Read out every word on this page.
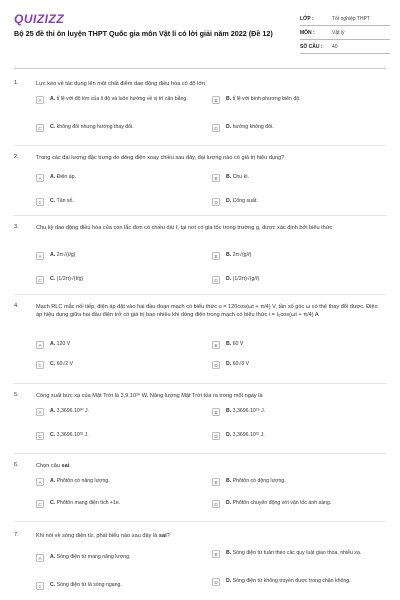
QUIZIZZ
Bộ 25 đề thi ôn luyện THPT Quốc gia môn Vật lí có lời giải năm 2022 (Đề 12)
LỚP :	Tốt nghiệp THPT
MÔN :	Vật lý
SỐ CÂU :	40
1.	Lực kéo về tác dụng lên một chất điểm dao động điều hòa có độ lớn
A	A. tỉ lệ với độ lớn của li độ và luôn hướng về vị trí cân bằng.	B	B. tỉ lệ với bình phương biên độ.
C	C. không đổi nhưng hướng thay đổi.	D	D. hướng không đổi.
2.	Trong các đại lượng đặc trưng do dòng điện xoay chiều sau đây, đại lượng nào có giá trị hiệu dụng?
A	A. Điện áp.	B	B. Chu kì.
C	C. Tần số.	D	D. Công suất.
3.	Chu kỳ dao động điều hòa của con lắc đơn có chiều dài ℓ, tại nơi có gia tốc trọng trường g, được xác định bởi biểu thức
A	A. 2π√(ℓ/g)	B	B. 2π√(g/ℓ)
C	C. (1/2π)√(ℓ/g)	D	D. (1/2π)√(g/ℓ)
4.	Mạch RLC mắc nối tiếp, điện áp đặt vào hai đầu đoạn mạch có biểu thức u = 120cos(ωt + π/4) V, tần số góc ω có thể thay đổi được. Điện áp hiệu dụng giữa hai đầu điện trở có giá trị bao nhiêu khi dòng điện trong mạch có biểu thức i = I₀cos(ωt + π/4) A
A	A. 120 V	B	B. 60 V
C	C. 60√2 V	D	D. 60√3 V
5.	Công suất bức xạ của Mặt Trời là 3,9.10²⁶ W. Năng lượng Mặt Trời tỏa ra trong một ngày là
A	A. 3,3696.10³⁰ J.	B	B. 3,3696.10²⁹ J.
C	C. 3,3696.10³² J.	D	D. 3,3696.10³¹ J.
6.	Chọn câu sai.
A	A. Phôtôn có năng lượng.	B	B. Phôtôn có động lượng.
C	C. Phôtôn mang điện tích +1e.	D	D. Phôtôn chuyển động với vận tốc ánh sáng.
7.	Khi nói về sóng điện từ, phát biểu nào sau đây là sai?
A	A. Sóng điện từ mang năng lượng.	B	B. Sóng điện từ tuân theo các quy luật giao thoa, nhiễu xạ.
C	C. Sóng điện từ là sóng ngang.	D	D. Sóng điện từ không truyền được trong chân không.
